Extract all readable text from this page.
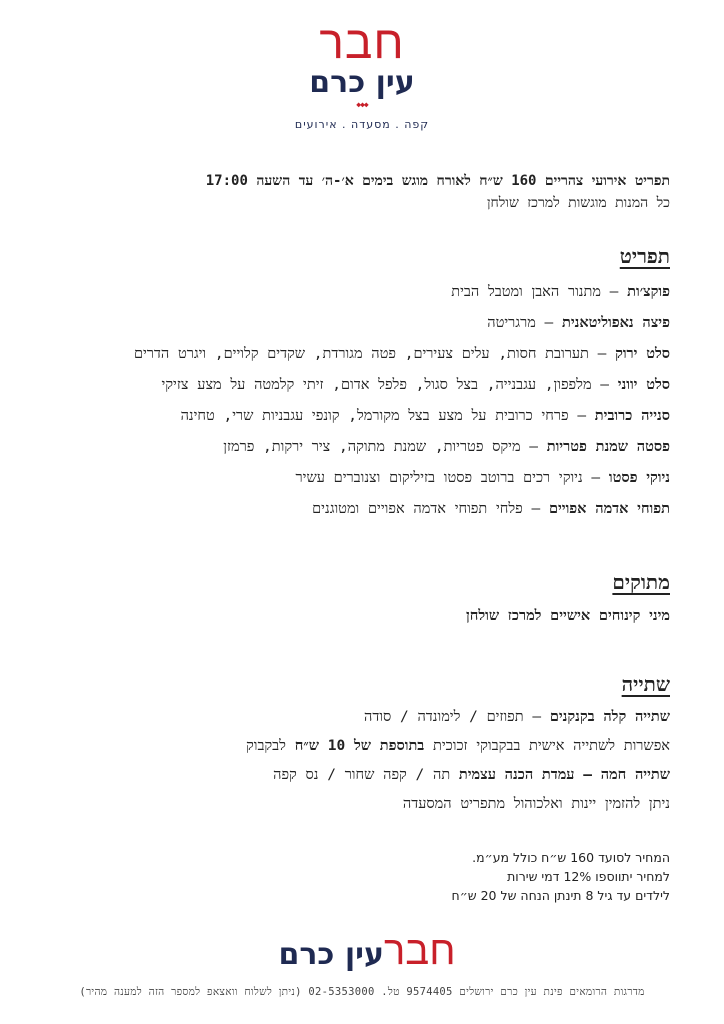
חבר
עין כרם
◆◆◆
קפה . מסעדה . אירועים
תפריט אירועי צהריים 160 ש״ח לאורח מוגש בימים א׳-ה׳ עד השעה 17:00
כל המנות מוגשות למרכז שולחן
תפריט
פוקצ׳ות – מתנור האבן ומטבל הבית
פיצה נאפוליטאנית – מרגריטה
סלט ירוק – תערובת חסות, עלים צעירים, פטה מגורדת, שקדים קלויים, ויגרט הדרים
סלט יווני – מלפפון, עגבנייה, בצל סגול, פלפל אדום, זיתי קלמטה על מצע צזיקי
סנייה כרובית – פרחי כרובית על מצע בצל מקורמל, קונפי עגבניות שרי, טחינה
פסטה שמנת פטריות – מיקס פטריות, שמנת מתוקה, ציר ירקות, פרמזן
ניוקי פסטו – ניוקי רכים ברוטב פסטו בזיליקום וצנוברים עשיר
תפוחי אדמה אפויים – פלחי תפוחי אדמה אפויים ומטוגנים
מתוקים
מיני קינוחים אישיים למרכז שולחן
שתייה
שתייה קלה בקנקנים – תפוזים / לימונדה / סודה
אפשרות לשתייה אישית בבקבוקי זכוכית בתוספת של 10 ש״ח לבקבוק
שתייה חמה – עמדת הכנה עצמית תה / קפה שחור / נס קפה
ניתן להזמין יינות ואלכוהול מתפריט המסעדה
המחיר לסועד 160 ש״ח כולל מע״מ.
למחיר יתווספו 12% דמי שירות
לילדים עד גיל 8 תינתן הנחה של 20 ש״ח
חברעין כרם
מדרגות הרומאים פינת עין כרם ירושלים 9574405 טל. 02-5353000 (ניתן לשלוח וואצאפ למספר הזה למענה מהיר)
